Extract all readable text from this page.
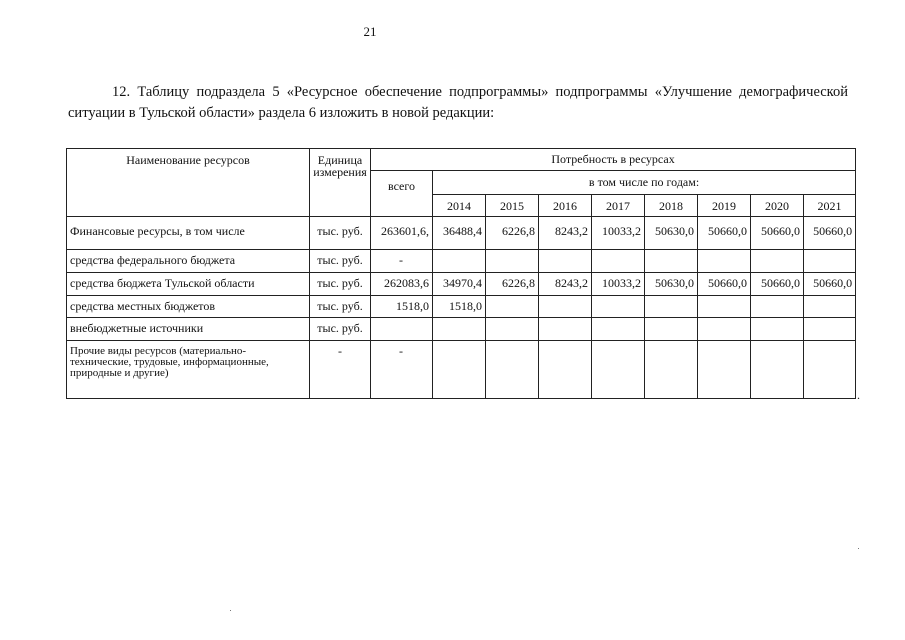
21
12. Таблицу подраздела 5 «Ресурсное обеспечение подпрограммы» подпрограммы «Улучшение демографической
ситуации в Тульской области» раздела 6 изложить в новой редакции:
Наименование ресурсов	Единица измерения	Потребность в ресурсах								
		всего	в том числе по годам:							
			2014	2015	2016	2017	2018	2019	2020	2021
Финансовые ресурсы, в том числе	тыс. руб.	263601,6,	36488,4	6226,8	8243,2	10033,2	50630,0	50660,0	50660,0	50660,0
средства федерального бюджета	тыс. руб.	-								
средства бюджета Тульской области	тыс. руб.	262083,6	34970,4	6226,8	8243,2	10033,2	50630,0	50660,0	50660,0	50660,0
средства местных бюджетов	тыс. руб.	1518,0	1518,0							
внебюджетные источники	тыс. руб.									
Прочие виды ресурсов (материально-технические, трудовые, информационные, природные и другие)	-	-								
.
